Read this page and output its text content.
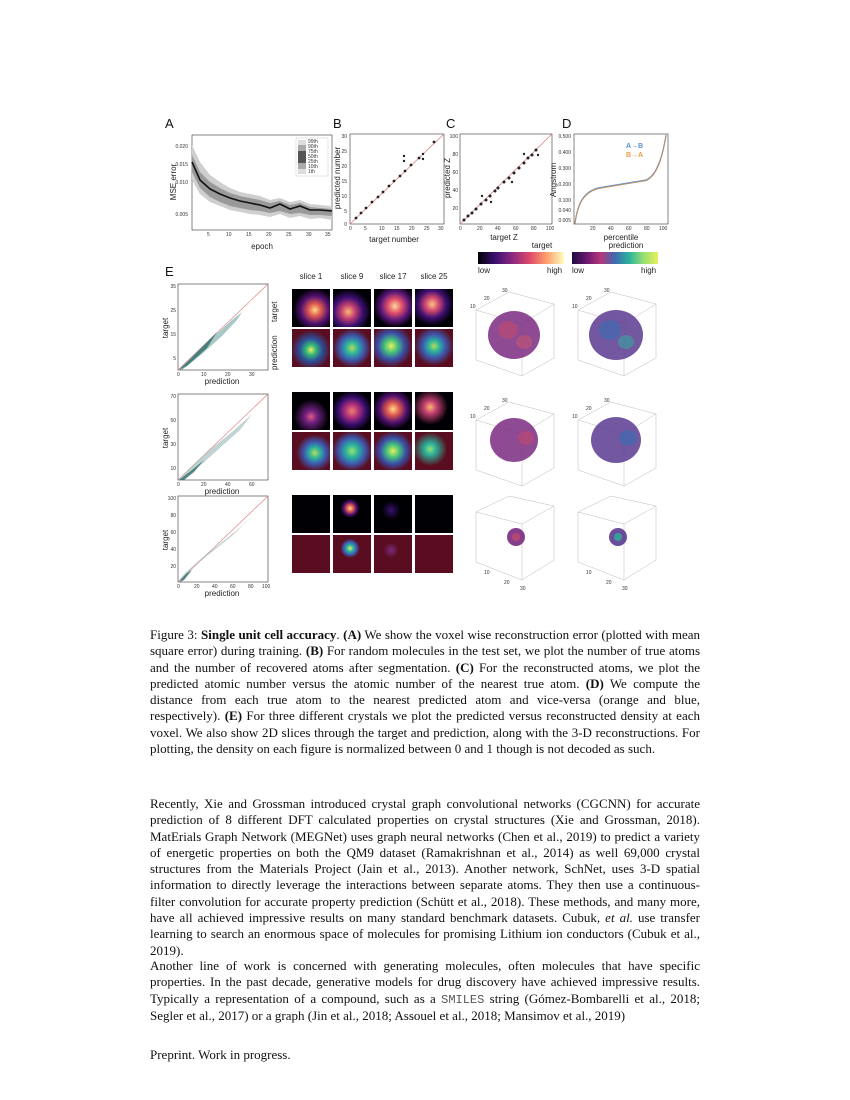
A	B	C	D
E
0.020
0.015
0.010
0.005
5	10	15	20	25	30	35
epoch
MSE error
99th
90th
75th
50th
25th
10th
1th
30
25
20
15
10
5
0
0 5 10 15 20 25 30
target number
predicted number
100
80
60
40
20
0	20 40 60 80 100
target Z
predicted Z
0.500
0.400
0.300
0.200
0.100
0.040
0.005
20 40 60 80 100
percentile
Angstrom
A→B
B→A
target
low	high
prediction
low	high
slice 1	slice 9	slice 17	slice 25
target
prediction
35
25
15
5
0	10	20	30
prediction
target
70
50
30
10
0	20	40	60
prediction
target
100
80
60
40
20
0	20 40 60 80 100
prediction
target
30
20
10
30
20
10
30
20
10
30
20
10
20
30
10
20
30
10
Figure 3: Single unit cell accuracy. (A) We show the voxel wise reconstruction error (plotted with mean square error) during training. (B) For random molecules in the test set, we plot the number of true atoms and the number of recovered atoms after segmentation. (C) For the reconstructed atoms, we plot the predicted atomic number versus the atomic number of the nearest true atom. (D) We compute the distance from each true atom to the nearest predicted atom and vice-versa (orange and blue, respectively). (E) For three different crystals we plot the predicted versus reconstructed density at each voxel. We also show 2D slices through the target and prediction, along with the 3-D reconstructions. For plotting, the density on each figure is normalized between 0 and 1 though is not decoded as such.
Recently, Xie and Grossman introduced crystal graph convolutional networks (CGCNN) for accurate prediction of 8 different DFT calculated properties on crystal structures (Xie and Grossman, 2018). MatErials Graph Network (MEGNet) uses graph neural networks (Chen et al., 2019) to predict a variety of energetic properties on both the QM9 dataset (Ramakrishnan et al., 2014) as well 69,000 crystal structures from the Materials Project (Jain et al., 2013). Another network, SchNet, uses 3-D spatial information to directly leverage the interactions between separate atoms. They then use a continuous-filter convolution for accurate property prediction (Schütt et al., 2018). These methods, and many more, have all achieved impressive results on many standard benchmark datasets. Cubuk, et al. use transfer learning to search an enormous space of molecules for promising Lithium ion conductors (Cubuk et al., 2019).
Another line of work is concerned with generating molecules, often molecules that have specific properties. In the past decade, generative models for drug discovery have achieved impressive results. Typically a representation of a compound, such as a SMILES string (Gómez-Bombarelli et al., 2018; Segler et al., 2017) or a graph (Jin et al., 2018; Assouel et al., 2018; Mansimov et al., 2019)
Preprint. Work in progress.
